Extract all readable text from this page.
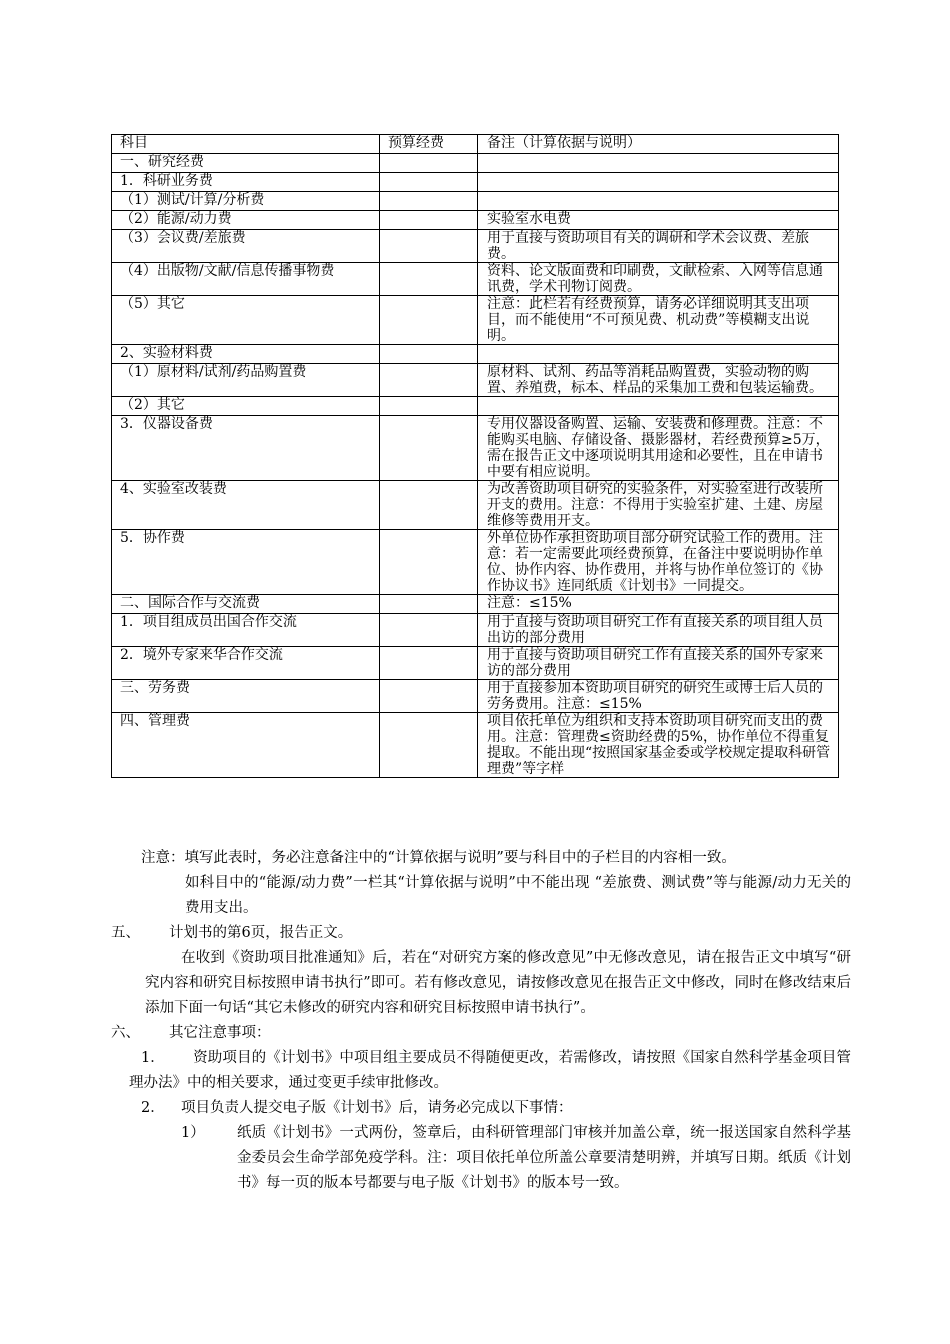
科目	预算经费	备注（计算依据与说明）
一、研究经费		
1．科研业务费		
（1）测试/计算/分析费		
（2）能源/动力费		实验室水电费
（3）会议费/差旅费		用于直接与资助项目有关的调研和学术会议费、差旅费。
（4）出版物/文献/信息传播事物费		资料、论文版面费和印刷费，文献检索、入网等信息通讯费，学术刊物订阅费。
（5）其它		注意：此栏若有经费预算，请务必详细说明其支出项目，而不能使用“不可预见费、机动费”等模糊支出说明。
2、实验材料费		
（1）原材料/试剂/药品购置费		原材料、试剂、药品等消耗品购置费，实验动物的购置、养殖费，标本、样品的采集加工费和包装运输费。
（2）其它		
3．仪器设备费		专用仪器设备购置、运输、安装费和修理费。注意：不能购买电脑、存储设备、摄影器材，若经费预算≥5万，需在报告正文中逐项说明其用途和必要性，且在申请书中要有相应说明。
4、实验室改装费		为改善资助项目研究的实验条件，对实验室进行改装所开支的费用。注意：不得用于实验室扩建、土建、房屋维修等费用开支。
5．协作费		外单位协作承担资助项目部分研究试验工作的费用。注意：若一定需要此项经费预算，在备注中要说明协作单位、协作内容、协作费用，并将与协作单位签订的《协作协议书》连同纸质《计划书》一同提交。
二、国际合作与交流费		注意：≤15%
1．项目组成员出国合作交流		用于直接与资助项目研究工作有直接关系的项目组人员出访的部分费用
2．境外专家来华合作交流		用于直接与资助项目研究工作有直接关系的国外专家来访的部分费用
三、劳务费		用于直接参加本资助项目研究的研究生或博士后人员的劳务费用。注意：≤15%
四、管理费		项目依托单位为组织和支持本资助项目研究而支出的费用。注意：管理费≤资助经费的5%，协作单位不得重复提取。不能出现“按照国家基金委或学校规定提取科研管理费”等字样

注意：填写此表时，务必注意备注中的“计算依据与说明”要与科目中的子栏目的内容相一致。

如科目中的“能源/动力费”一栏其“计算依据与说明”中不能出现 “差旅费、测试费”等与能源/动力无关的费用支出。

五、	计划书的第6页，报告正文。

在收到《资助项目批准通知》后，若在“对研究方案的修改意见”中无修改意见，请在报告正文中填写“研究内容和研究目标按照申请书执行”即可。若有修改意见，请按修改意见在报告正文中修改，同时在修改结束后添加下面一句话“其它未修改的研究内容和研究目标按照申请书执行”。

六、	其它注意事项：

1． 资助项目的《计划书》中项目组主要成员不得随便更改，若需修改，请按照《国家自然科学基金项目管理办法》中的相关要求，通过变更手续审批修改。

2．	项目负责人提交电子版《计划书》后，请务必完成以下事情：
1）	纸质《计划书》一式两份，签章后，由科研管理部门审核并加盖公章，统一报送国家自然科学基金委员会生命学部免疫学科。注：项目依托单位所盖公章要清楚明辨，并填写日期。纸质《计划书》每一页的版本号都要与电子版《计划书》的版本号一致。
